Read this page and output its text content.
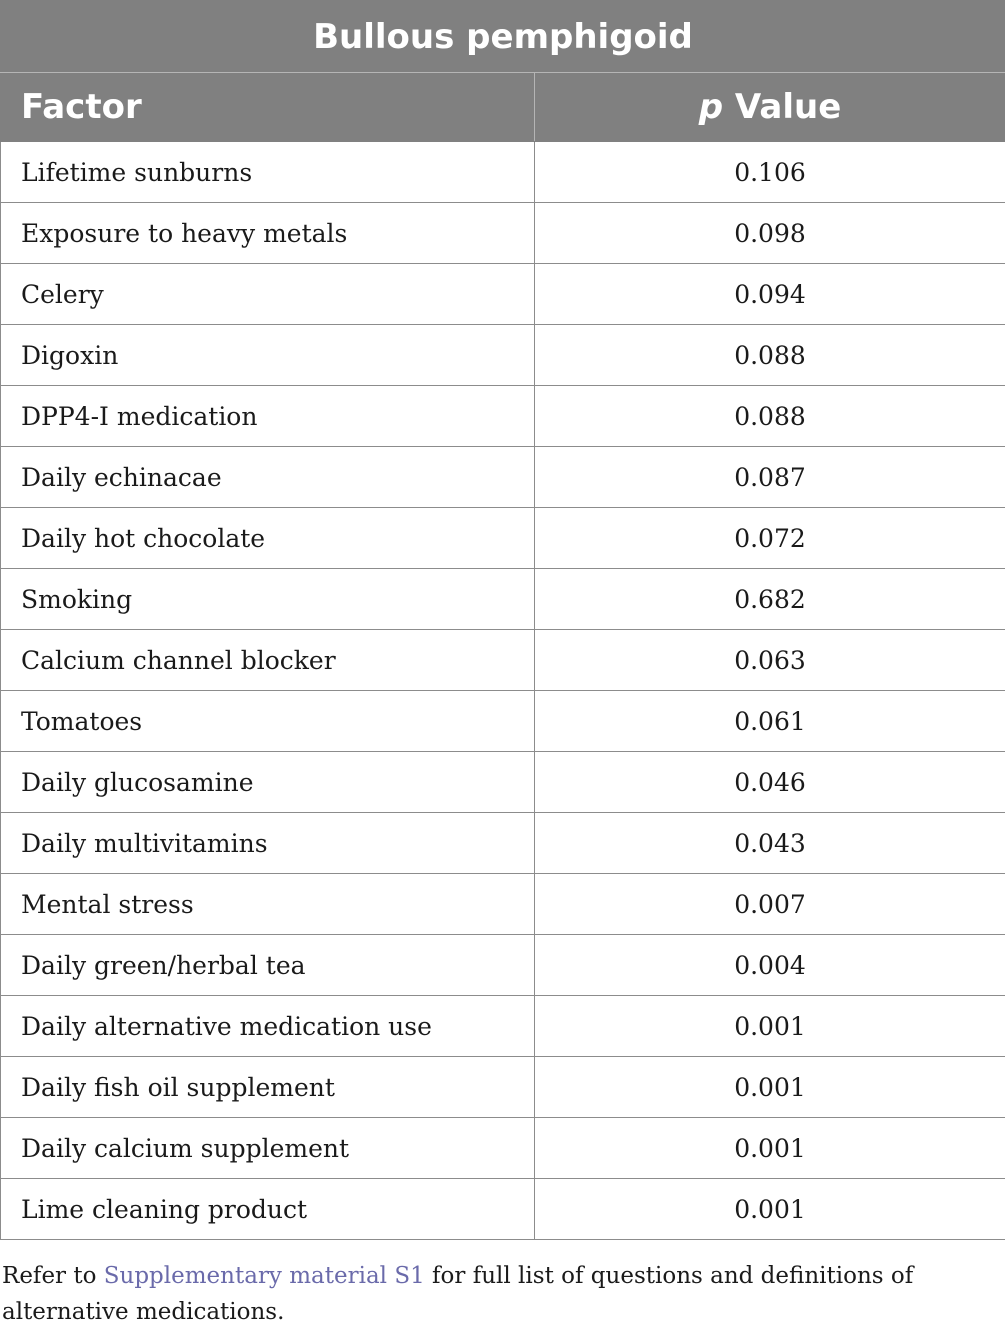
Bullous pemphigoid	
Factor	p Value
Lifetime sunburns	0.106
Exposure to heavy metals	0.098
Celery	0.094
Digoxin	0.088
DPP4-I medication	0.088
Daily echinacae	0.087
Daily hot chocolate	0.072
Smoking	0.682
Calcium channel blocker	0.063
Tomatoes	0.061
Daily glucosamine	0.046
Daily multivitamins	0.043
Mental stress	0.007
Daily green/herbal tea	0.004
Daily alternative medication use	0.001
Daily fish oil supplement	0.001
Daily calcium supplement	0.001
Lime cleaning product	0.001
Refer to Supplementary material S1 for full list of questions and definitions of alternative medications.
